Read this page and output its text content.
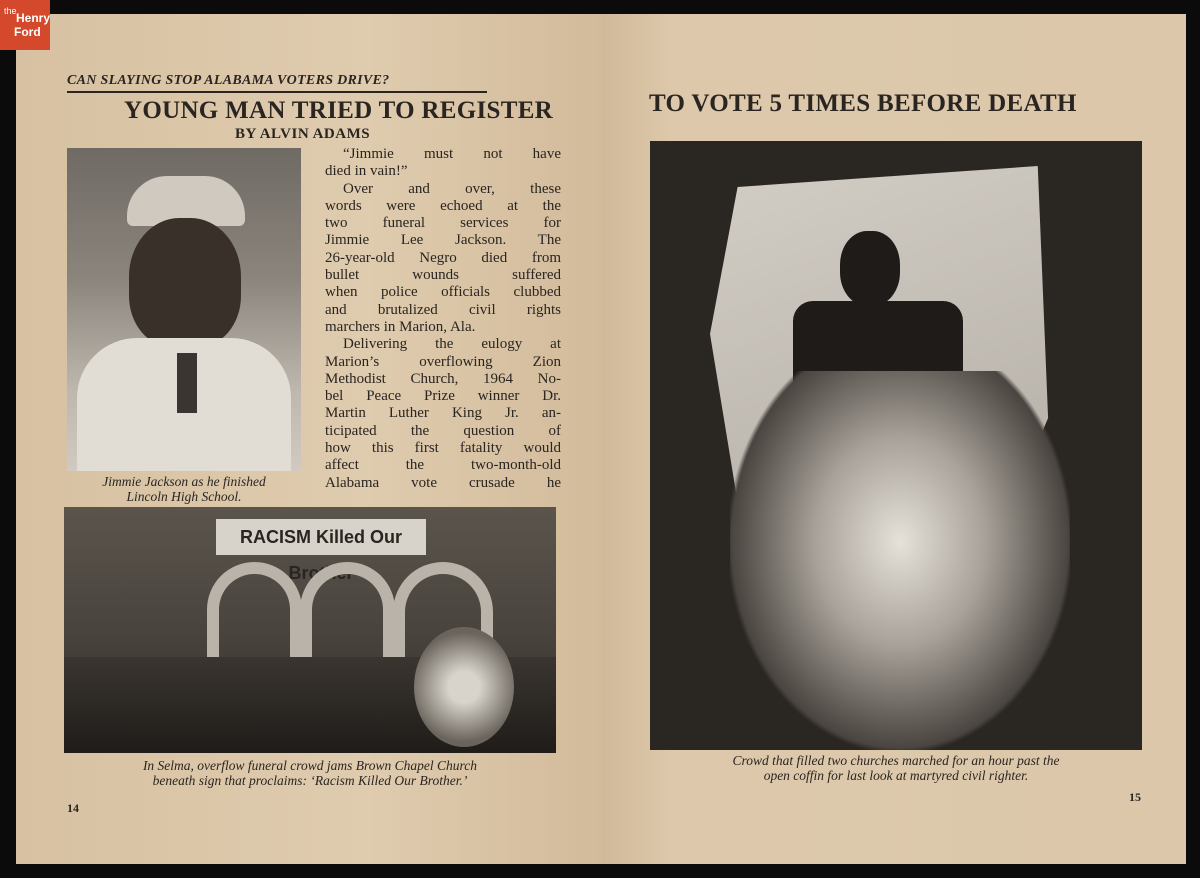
the Henry
Ford
CAN SLAYING STOP ALABAMA VOTERS DRIVE?
YOUNG MAN TRIED TO REGISTER
BY ALVIN ADAMS
Jimmie Jackson as he finished
Lincoln High School.
“Jimmie must not have
died in vain!”
Over and over, these
words were echoed at the
two funeral services for
Jimmie Lee Jackson. The
26-year-old Negro died from
bullet wounds suffered
when police officials clubbed
and brutalized civil rights
marchers in Marion, Ala.
Delivering the eulogy at
Marion’s overflowing Zion
Methodist Church, 1964 No-
bel Peace Prize winner Dr.
Martin Luther King Jr. an-
ticipated the question of
how this first fatality would
affect the two-month-old
Alabama vote crusade he
RACISM Killed Our Brother
In Selma, overflow funeral crowd jams Brown Chapel Church
beneath sign that proclaims: ‘Racism Killed Our Brother.’
14
TO VOTE 5 TIMES BEFORE DEATH
Crowd that filled two churches marched for an hour past the
open coffin for last look at martyred civil righter.
15
